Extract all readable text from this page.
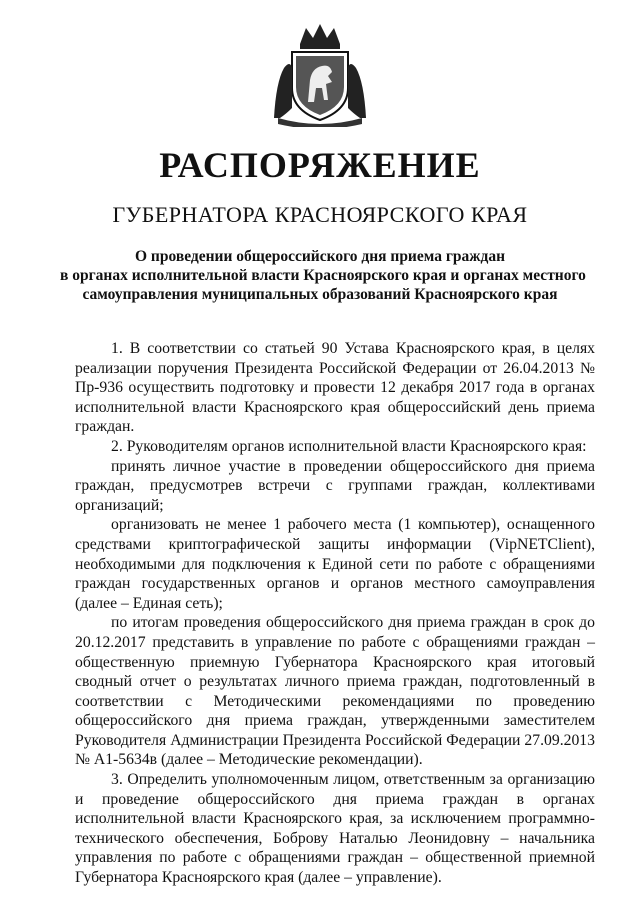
РАСПОРЯЖЕНИЕ
ГУБЕРНАТОРА КРАСНОЯРСКОГО КРАЯ
О проведении общероссийского дня приема граждан
в органах исполнительной власти Красноярского края и органах местного
самоуправления муниципальных образований Красноярского края

1. В соответствии со статьей 90 Устава Красноярского края, в целях реализации поручения Президента Российской Федерации от 26.04.2013 № Пр-936 осуществить подготовку и провести 12 декабря 2017 года в органах исполнительной власти Красноярского края общероссийский день приема граждан.

2. Руководителям органов исполнительной власти Красноярского края:

принять личное участие в проведении общероссийского дня приема граждан, предусмотрев встречи с группами граждан, коллективами организаций;

организовать не менее 1 рабочего места (1 компьютер), оснащенного средствами криптографической защиты информации (VipNETClient), необходимыми для подключения к Единой сети по работе с обращениями граждан государственных органов и органов местного самоуправления (далее – Единая сеть);

по итогам проведения общероссийского дня приема граждан в срок до 20.12.2017 представить в управление по работе с обращениями граждан – общественную приемную Губернатора Красноярского края итоговый сводный отчет о результатах личного приема граждан, подготовленный в соответствии с Методическими рекомендациями по проведению общероссийского дня приема граждан, утвержденными заместителем Руководителя Администрации Президента Российской Федерации 27.09.2013 № А1-5634в (далее – Методические рекомендации).

3. Определить уполномоченным лицом, ответственным за организацию и проведение общероссийского дня приема граждан в органах исполнительной власти Красноярского края, за исключением программно-технического обеспечения, Боброву Наталью Леонидовну – начальника управления по работе с обращениями граждан – общественной приемной Губернатора Красноярского края (далее – управление).
